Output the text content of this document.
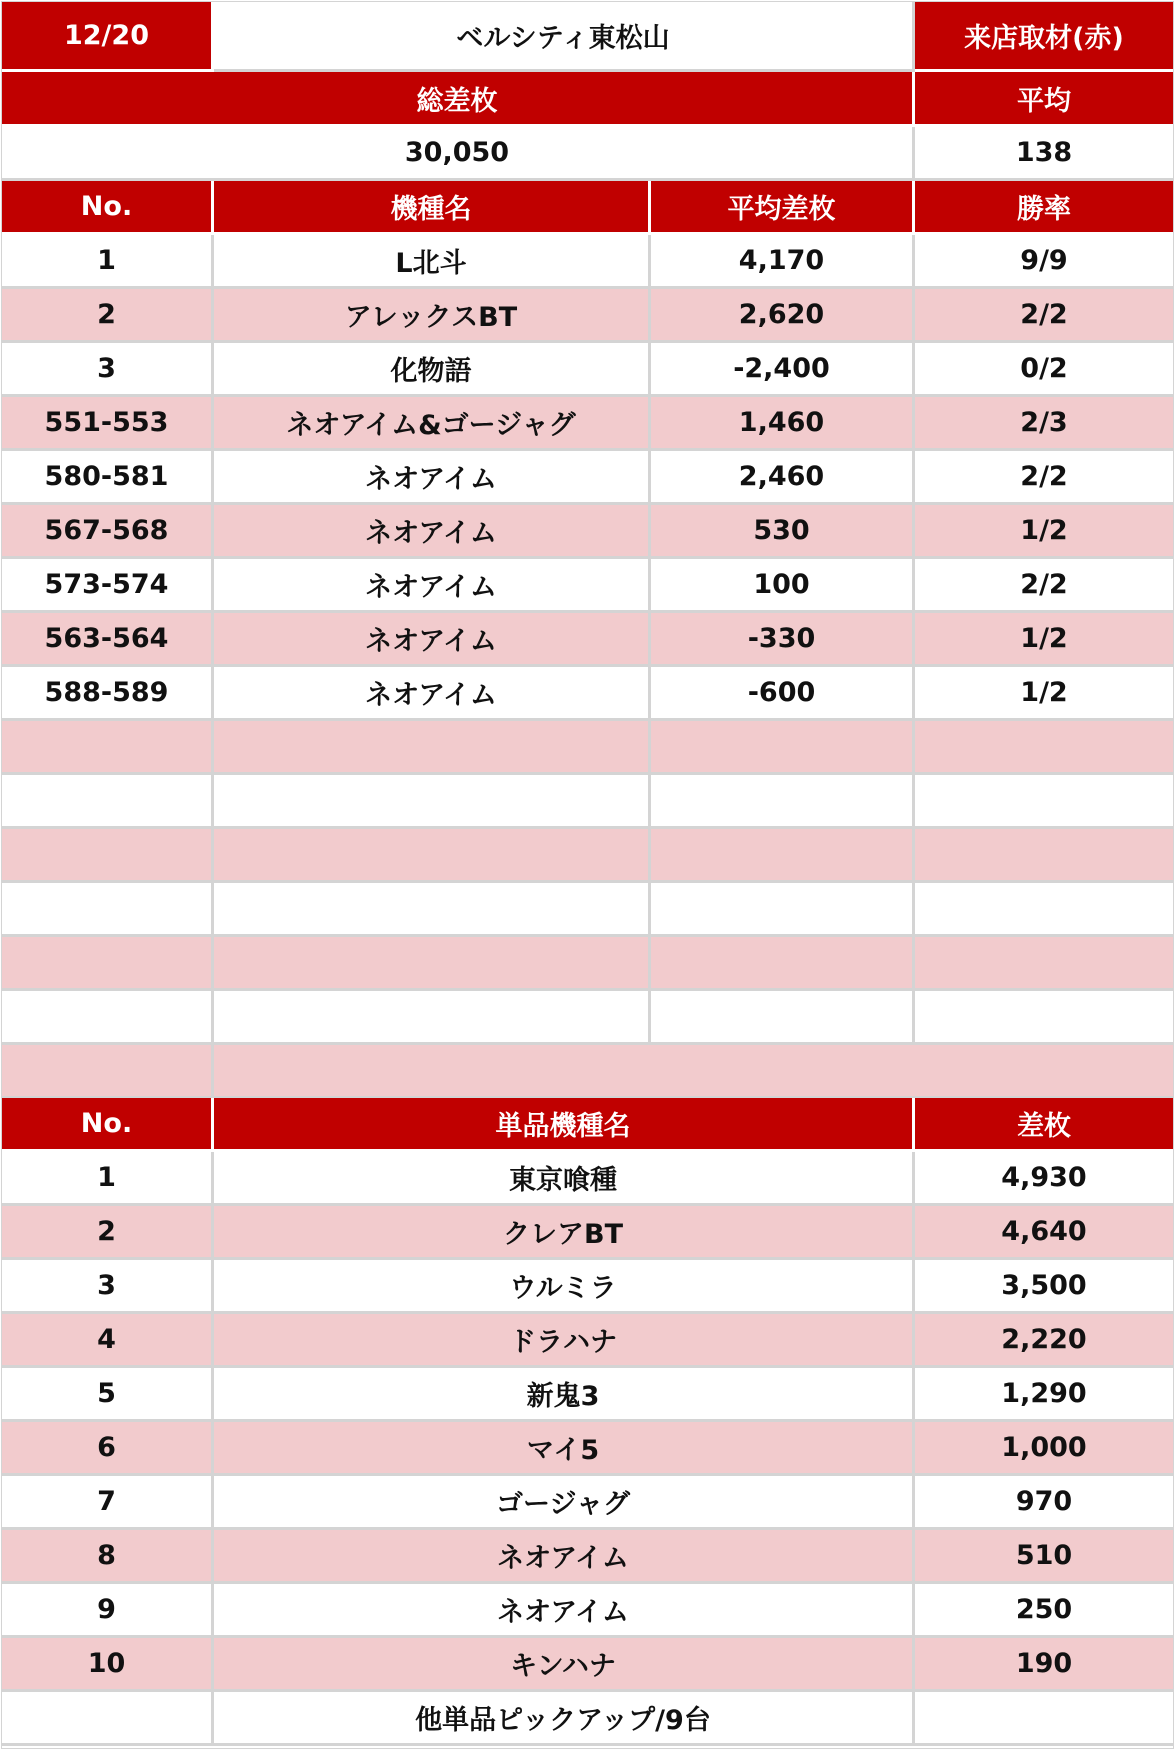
12/20	ベルシティ東松山	来店取材(赤)
総差枚	平均
30,050	138
No.	機種名	平均差枚	勝率
1	L北斗	4,170	9/9
2	アレックスBT	2,620	2/2
3	化物語	-2,400	0/2
551-553	ネオアイム&ゴージャグ	1,460	2/3
580-581	ネオアイム	2,460	2/2
567-568	ネオアイム	530	1/2
573-574	ネオアイム	100	2/2
563-564	ネオアイム	-330	1/2
588-589	ネオアイム	-600	1/2
No.	単品機種名	差枚
1	東京喰種	4,930
2	クレアBT	4,640
3	ウルミラ	3,500
4	ドラハナ	2,220
5	新鬼3	1,290
6	マイ5	1,000
7	ゴージャグ	970
8	ネオアイム	510
9	ネオアイム	250
10	キンハナ	190
他単品ピックアップ/9台
